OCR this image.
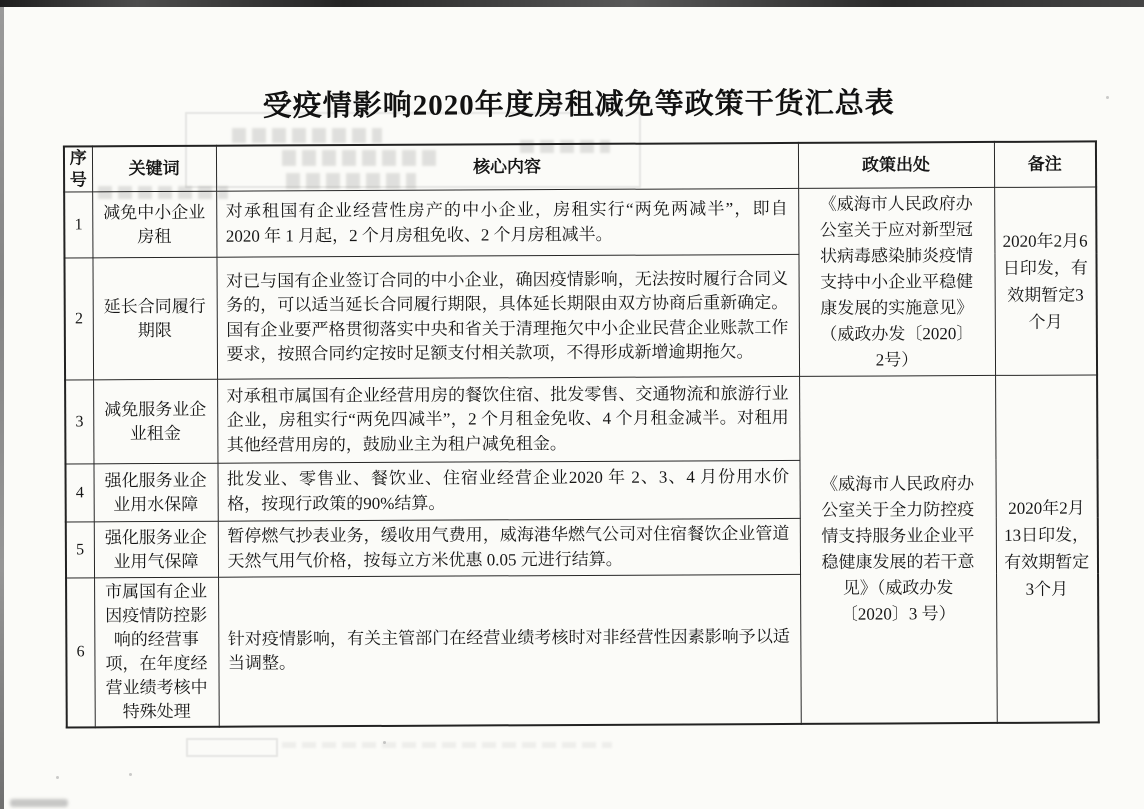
受疫情影响2020年度房租减免等政策干货汇总表
序号	关键词	核心内容	政策出处	备注
1	减免中小企业房租	对承租国有企业经营性房产的中小企业，房租实行“两免两减半”，即自 2020 年 1 月起，2 个月房租免收、2 个月房租减半。	《威海市人民政府办公室关于应对新型冠状病毒感染肺炎疫情支持中小企业平稳健康发展的实施意见》（威政办发〔2020〕2号）	2020年2月6日印发，有效期暂定3个月
2	延长合同履行期限	对已与国有企业签订合同的中小企业，确因疫情影响，无法按时履行合同义务的，可以适当延长合同履行期限，具体延长期限由双方协商后重新确定。国有企业要严格贯彻落实中央和省关于清理拖欠中小企业民营企业账款工作要求，按照合同约定按时足额支付相关款项，不得形成新增逾期拖欠。		
3	减免服务业企业租金	对承租市属国有企业经营用房的餐饮住宿、批发零售、交通物流和旅游行业企业，房租实行“两免四减半”，2 个月租金免收、4 个月租金减半。对租用其他经营用房的，鼓励业主为租户减免租金。	《威海市人民政府办公室关于全力防控疫情支持服务业企业平稳健康发展的若干意见》（威政办发〔2020〕3 号）	2020年2月13日印发，有效期暂定3个月
4	强化服务业企业用水保障	批发业、零售业、餐饮业、住宿业经营企业2020 年 2、3、4 月份用水价格，按现行政策的90%结算。		
5	强化服务业企业用气保障	暂停燃气抄表业务，缓收用气费用，威海港华燃气公司对住宿餐饮企业管道天然气用气价格，按每立方米优惠 0.05 元进行结算。		
6	市属国有企业因疫情防控影响的经营事项，在年度经营业绩考核中特殊处理	针对疫情影响，有关主管部门在经营业绩考核时对非经营性因素影响予以适当调整。		
